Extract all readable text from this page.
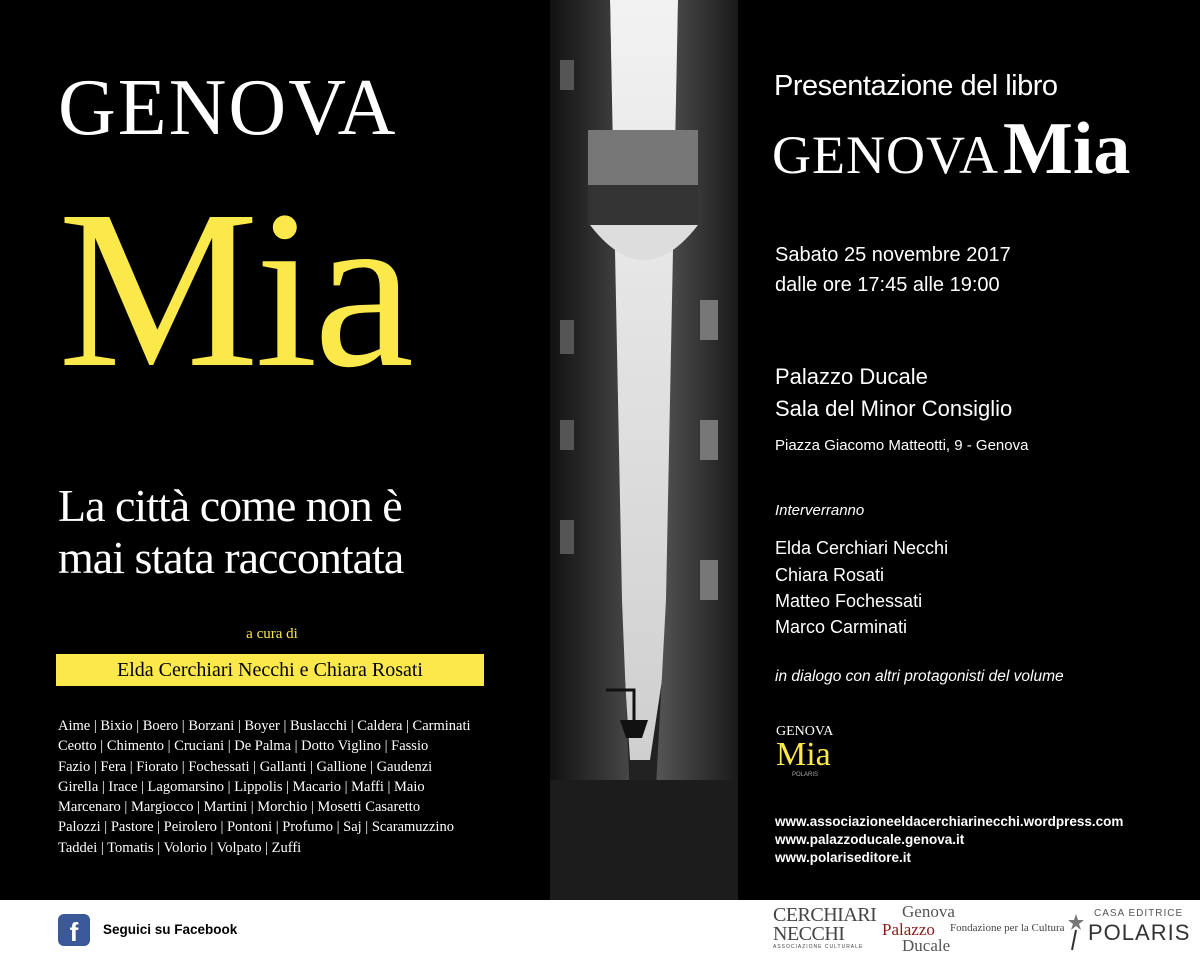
GENOVA
Mia
La città come non è
mai stata raccontata
a cura di
Elda Cerchiari Necchi e Chiara Rosati
Aime | Bixio | Boero | Borzani | Boyer | Buslacchi | Caldera | Carminati
Ceotto | Chimento | Cruciani | De Palma | Dotto Viglino | Fassio
Fazio | Fera | Fiorato | Fochessati | Gallanti | Gallione | Gaudenzi
Girella | Irace | Lagomarsino | Lippolis | Macario | Maffi | Maio
Marcenaro | Margiocco | Martini | Morchio | Mosetti Casaretto
Palozzi | Pastore | Peirolero | Pontoni | Profumo | Saj | Scaramuzzino
Taddei | Tomatis | Volorio | Volpato | Zuffi
Presentazione del libro
GENOVA Mia
Sabato 25 novembre 2017
dalle ore 17:45 alle 19:00
Palazzo Ducale
Sala del Minor Consiglio
Piazza Giacomo Matteotti, 9 - Genova
Interverranno
Elda Cerchiari Necchi
Chiara Rosati
Matteo Fochessati
Marco Carminati
in dialogo con altri protagonisti del volume
GENOVA
Mia
POLARIS
www.associazioneeldacerchiarinecchi.wordpress.com
www.palazzoducale.genova.it
www.polariseditore.it
f	Seguici su Facebook
CERCHIARI
NECCHI
ASSOCIAZIONE CULTURALE
Genova
Palazzo
Ducale
Fondazione per la Cultura
CASA EDITRICE
POLARIS
